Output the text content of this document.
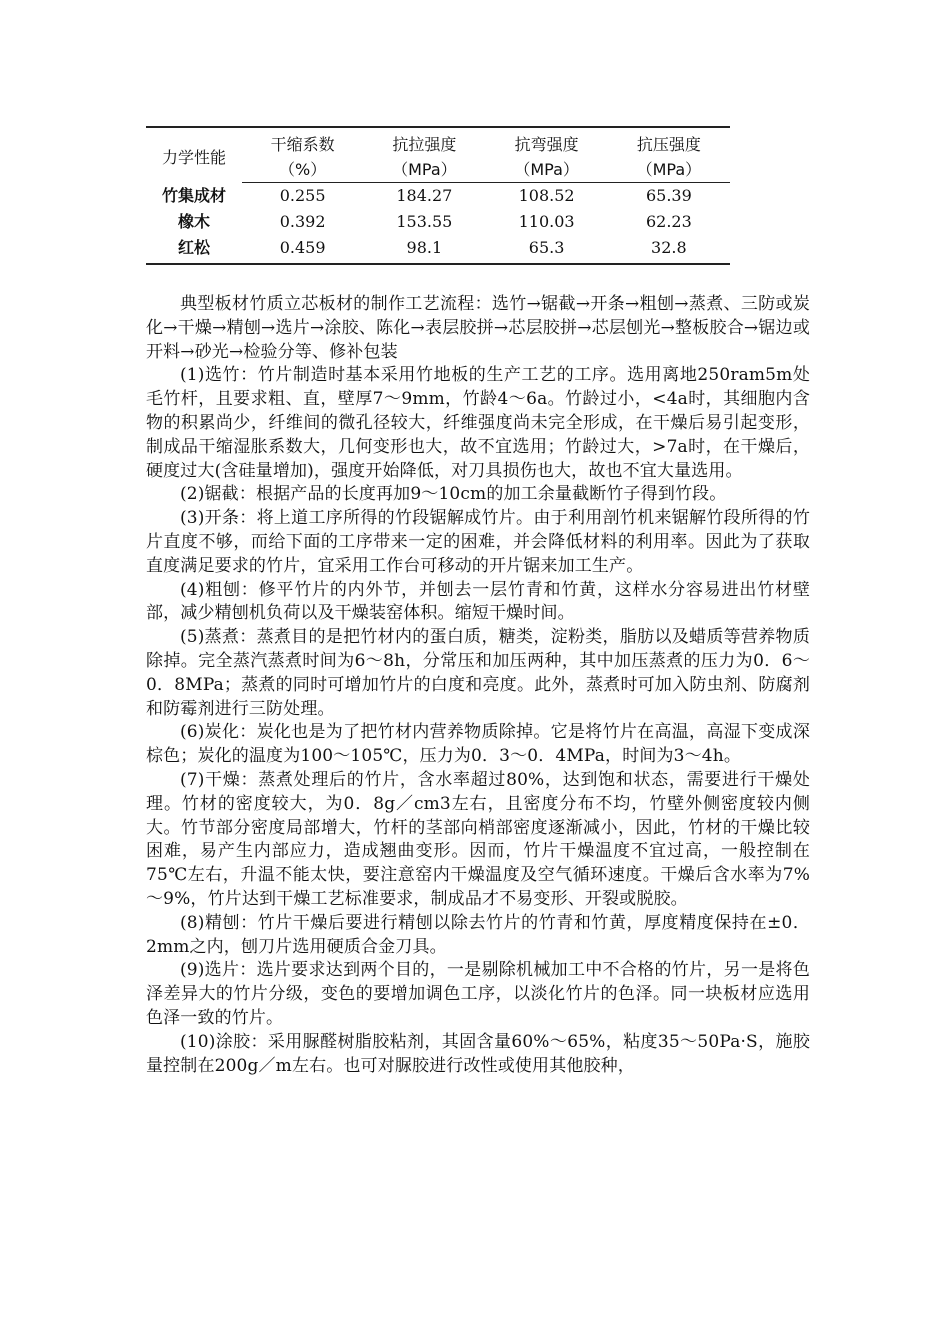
力学性能	干缩系数	抗拉强度	抗弯强度	抗压强度
	（%）	（MPa）	（MPa）	（MPa）
竹集成材	0.255	184.27	108.52	65.39
橡木	0.392	153.55	110.03	62.23
红松	0.459	98.1	65.3	32.8

典型板材竹质立芯板材的制作工艺流程：选竹→锯截→开条→粗刨→蒸煮、三防或炭化→干燥→精刨→选片→涂胶、陈化→表层胶拼→芯层胶拼→芯层刨光→整板胶合→锯边或开料→砂光→检验分等、修补包装

(1)选竹：竹片制造时基本采用竹地板的生产工艺的工序。选用离地250ram5m处毛竹杆，且要求粗、直，壁厚7～9mm，竹龄4～6a。竹龄过小，<4a时，其细胞内含物的积累尚少，纤维间的微孔径较大，纤维强度尚未完全形成，在干燥后易引起变形，制成品干缩湿胀系数大，几何变形也大，故不宜选用；竹龄过大，>7a时，在干燥后，硬度过大(含硅量增加)，强度开始降低，对刀具损伤也大，故也不宜大量选用。

(2)锯截：根据产品的长度再加9～10cm的加工余量截断竹子得到竹段。

(3)开条：将上道工序所得的竹段锯解成竹片。由于利用剖竹机来锯解竹段所得的竹片直度不够，而给下面的工序带来一定的困难，并会降低材料的利用率。因此为了获取直度满足要求的竹片，宜采用工作台可移动的开片锯来加工生产。

(4)粗刨：修平竹片的内外节，并刨去一层竹青和竹黄，这样水分容易进出竹材壁部，减少精刨机负荷以及干燥装窑体积。缩短干燥时间。

(5)蒸煮：蒸煮目的是把竹材内的蛋白质，糖类，淀粉类，脂肪以及蜡质等营养物质除掉。完全蒸汽蒸煮时间为6～8h，分常压和加压两种，其中加压蒸煮的压力为0．6～0．8MPa；蒸煮的同时可增加竹片的白度和亮度。此外，蒸煮时可加入防虫剂、防腐剂和防霉剂进行三防处理。

(6)炭化：炭化也是为了把竹材内营养物质除掉。它是将竹片在高温，高湿下变成深棕色；炭化的温度为100～105℃，压力为0．3～0．4MPa，时间为3～4h。

(7)干燥：蒸煮处理后的竹片，含水率超过80%，达到饱和状态，需要进行干燥处理。竹材的密度较大，为0．8g／cm3左右，且密度分布不均，竹壁外侧密度较内侧大。竹节部分密度局部增大，竹杆的茎部向梢部密度逐渐减小，因此，竹材的干燥比较困难，易产生内部应力，造成翘曲变形。因而，竹片干燥温度不宜过高，一般控制在75℃左右，升温不能太快，要注意窑内干燥温度及空气循环速度。干燥后含水率为7%～9%，竹片达到干燥工艺标准要求，制成品才不易变形、开裂或脱胶。

(8)精刨：竹片干燥后要进行精刨以除去竹片的竹青和竹黄，厚度精度保持在±0．2mm之内，刨刀片选用硬质合金刀具。

(9)选片：选片要求达到两个目的，一是剔除机械加工中不合格的竹片，另一是将色泽差异大的竹片分级，变色的要增加调色工序，以淡化竹片的色泽。同一块板材应选用色泽一致的竹片。

(10)涂胶：采用脲醛树脂胶粘剂，其固含量60%～65%，粘度35～50Pa·S，施胶量控制在200g／m左右。也可对脲胶进行改性或使用其他胶种，
